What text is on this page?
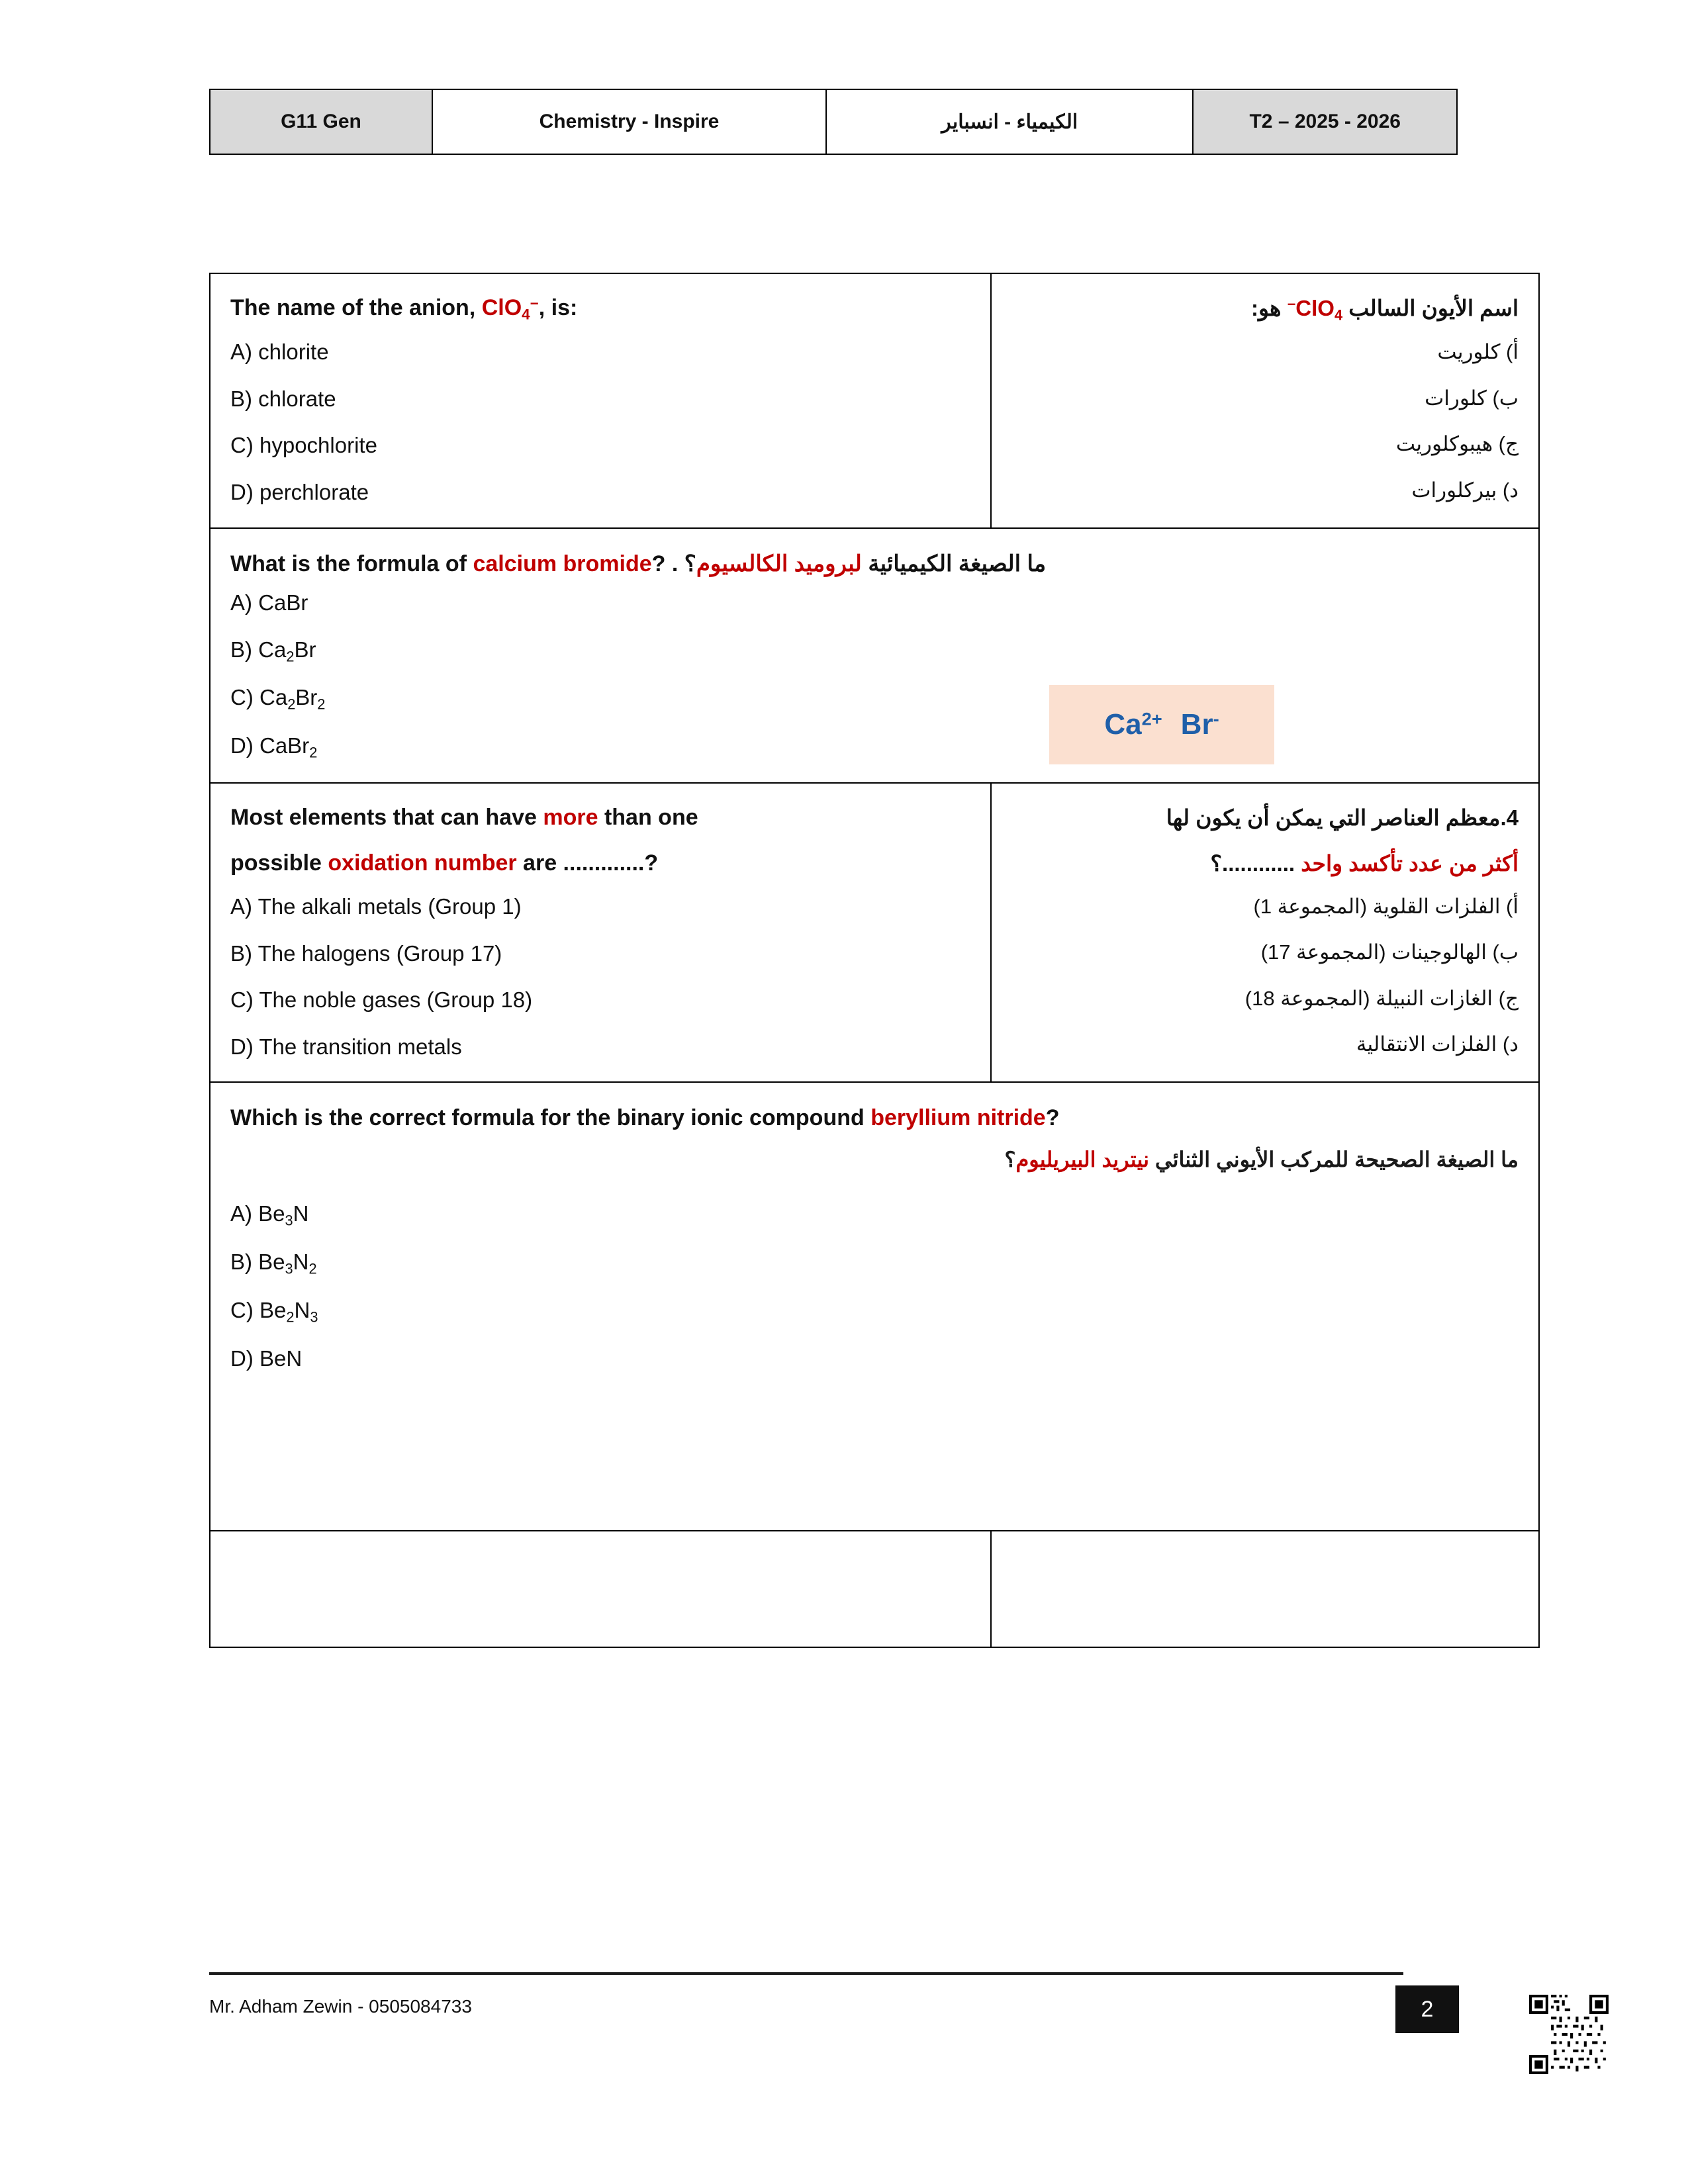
G11 Gen	Chemistry - Inspire	الكيمياء - انسباير	T2 – 2025 - 2026

The name of the anion, ClO$_4$−, is:

A) chlorite

B) chlorate

C) hypochlorite

D) perchlorate

اسم الأيون السالب ClO$_4$− هو:

أ) كلوريت

ب) كلورات

ج) هيبوكلوريت

د) بيركلورات

What is the formula of calcium bromide? . ما الصيغة الكيميائية لبروميد الكالسيوم؟

A) CaBr

B) $Ca_2Br$

C) $Ca_2Br_2$

D) CaBr$_2$

Most elements that can have more than one

possible oxidation number are .............?

A) The alkali metals (Group 1)

B) The halogens (Group 17)

C) The noble gases (Group 18)

D) The transition metals

4.معظم العناصر التي يمكن أن يكون لها

أكثر من عدد تأكسد واحد ............؟

أ) الفلزات القلوية (المجموعة 1)

ب) الهالوجينات (المجموعة 17)

ج) الغازات النبيلة (المجموعة 18)

د) الفلزات الانتقالية

Which is the correct formula for the binary ionic compound beryllium nitride?

ما الصيغة الصحيحة للمركب الأيوني الثنائي نيتريد البيريليوم؟

A) $Be_3N$

B) $Be_3N_2$

C) $Be_2N_3$

D) BeN

$Ca^{2+}$ Br-
Mr. Adham Zewin - 0505084733	2
